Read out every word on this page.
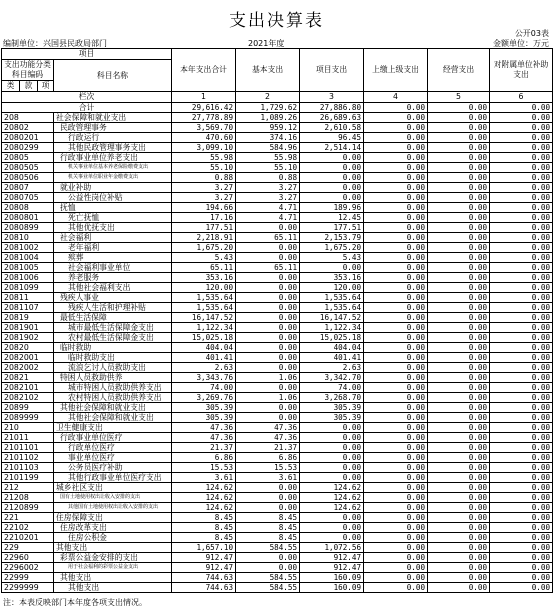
支出决算表
公开03表
编制单位：兴国县民政局部门	2021年度	金额单位：万元
项目				本年支出合计	基本支出	项目支出	上缴上级支出	经营支出	对附属单位补助支出
支出功能分类科目编码			科目名称						
类	款	项							
栏次				1	2	3	4	5	6
合计				29,616.42	1,729.62	27,886.80	0.00	0.00	0.00
208			社会保障和就业支出	27,778.89	1,089.26	26,689.63	0.00	0.00	0.00
20802			民政管理事务	3,569.70	959.12	2,610.58	0.00	0.00	0.00
2080201			行政运行	470.60	374.16	96.45	0.00	0.00	0.00
2080299			其他民政管理事务支出	3,099.10	584.96	2,514.14	0.00	0.00	0.00
20805			行政事业单位养老支出	55.98	55.98	0.00	0.00	0.00	0.00
2080505			机关事业单位基本养老保险缴费支出	55.10	55.10	0.00	0.00	0.00	0.00
2080506			机关事业单位职业年金缴费支出	0.88	0.88	0.00	0.00	0.00	0.00
20807			就业补助	3.27	3.27	0.00	0.00	0.00	0.00
2080705			公益性岗位补贴	3.27	3.27	0.00	0.00	0.00	0.00
20808			抚恤	194.66	4.71	189.96	0.00	0.00	0.00
2080801			死亡抚恤	17.16	4.71	12.45	0.00	0.00	0.00
2080899			其他优抚支出	177.51	0.00	177.51	0.00	0.00	0.00
20810			社会福利	2,218.91	65.11	2,153.79	0.00	0.00	0.00
2081002			老年福利	1,675.20	0.00	1,675.20	0.00	0.00	0.00
2081004			殡葬	5.43	0.00	5.43	0.00	0.00	0.00
2081005			社会福利事业单位	65.11	65.11	0.00	0.00	0.00	0.00
2081006			养老服务	353.16	0.00	353.16	0.00	0.00	0.00
2081099			其他社会福利支出	120.00	0.00	120.00	0.00	0.00	0.00
20811			残疾人事业	1,535.64	0.00	1,535.64	0.00	0.00	0.00
2081107			残疾人生活和护理补贴	1,535.64	0.00	1,535.64	0.00	0.00	0.00
20819			最低生活保障	16,147.52	0.00	16,147.52	0.00	0.00	0.00
2081901			城市最低生活保障金支出	1,122.34	0.00	1,122.34	0.00	0.00	0.00
2081902			农村最低生活保障金支出	15,025.18	0.00	15,025.18	0.00	0.00	0.00
20820			临时救助	404.04	0.00	404.04	0.00	0.00	0.00
2082001			临时救助支出	401.41	0.00	401.41	0.00	0.00	0.00
2082002			流浪乞讨人员救助支出	2.63	0.00	2.63	0.00	0.00	0.00
20821			特困人员救助供养	3,343.76	1.06	3,342.70	0.00	0.00	0.00
2082101			城市特困人员救助供养支出	74.00	0.00	74.00	0.00	0.00	0.00
2082102			农村特困人员救助供养支出	3,269.76	1.06	3,268.70	0.00	0.00	0.00
20899			其他社会保障和就业支出	305.39	0.00	305.39	0.00	0.00	0.00
2089999			其他社会保障和就业支出	305.39	0.00	305.39	0.00	0.00	0.00
210			卫生健康支出	47.36	47.36	0.00	0.00	0.00	0.00
21011			行政事业单位医疗	47.36	47.36	0.00	0.00	0.00	0.00
2101101			行政单位医疗	21.37	21.37	0.00	0.00	0.00	0.00
2101102			事业单位医疗	6.86	6.86	0.00	0.00	0.00	0.00
2101103			公务员医疗补助	15.53	15.53	0.00	0.00	0.00	0.00
2101199			其他行政事业单位医疗支出	3.61	3.61	0.00	0.00	0.00	0.00
212			城乡社区支出	124.62	0.00	124.62	0.00	0.00	0.00
21208			国有土地使用权出让收入安排的支出	124.62	0.00	124.62	0.00	0.00	0.00
2120899			其他国有土地使用权出让收入安排的支出	124.62	0.00	124.62	0.00	0.00	0.00
221			住房保障支出	8.45	8.45	0.00	0.00	0.00	0.00
22102			住房改革支出	8.45	8.45	0.00	0.00	0.00	0.00
2210201			住房公积金	8.45	8.45	0.00	0.00	0.00	0.00
229			其他支出	1,657.10	584.55	1,072.56	0.00	0.00	0.00
22960			彩票公益金安排的支出	912.47	0.00	912.47	0.00	0.00	0.00
2296002			用于社会福利的彩票公益金支出	912.47	0.00	912.47	0.00	0.00	0.00
22999			其他支出	744.63	584.55	160.09	0.00	0.00	0.00
2299999			其他支出	744.63	584.55	160.09	0.00	0.00	0.00
注：本表反映部门本年度各项支出情况。
